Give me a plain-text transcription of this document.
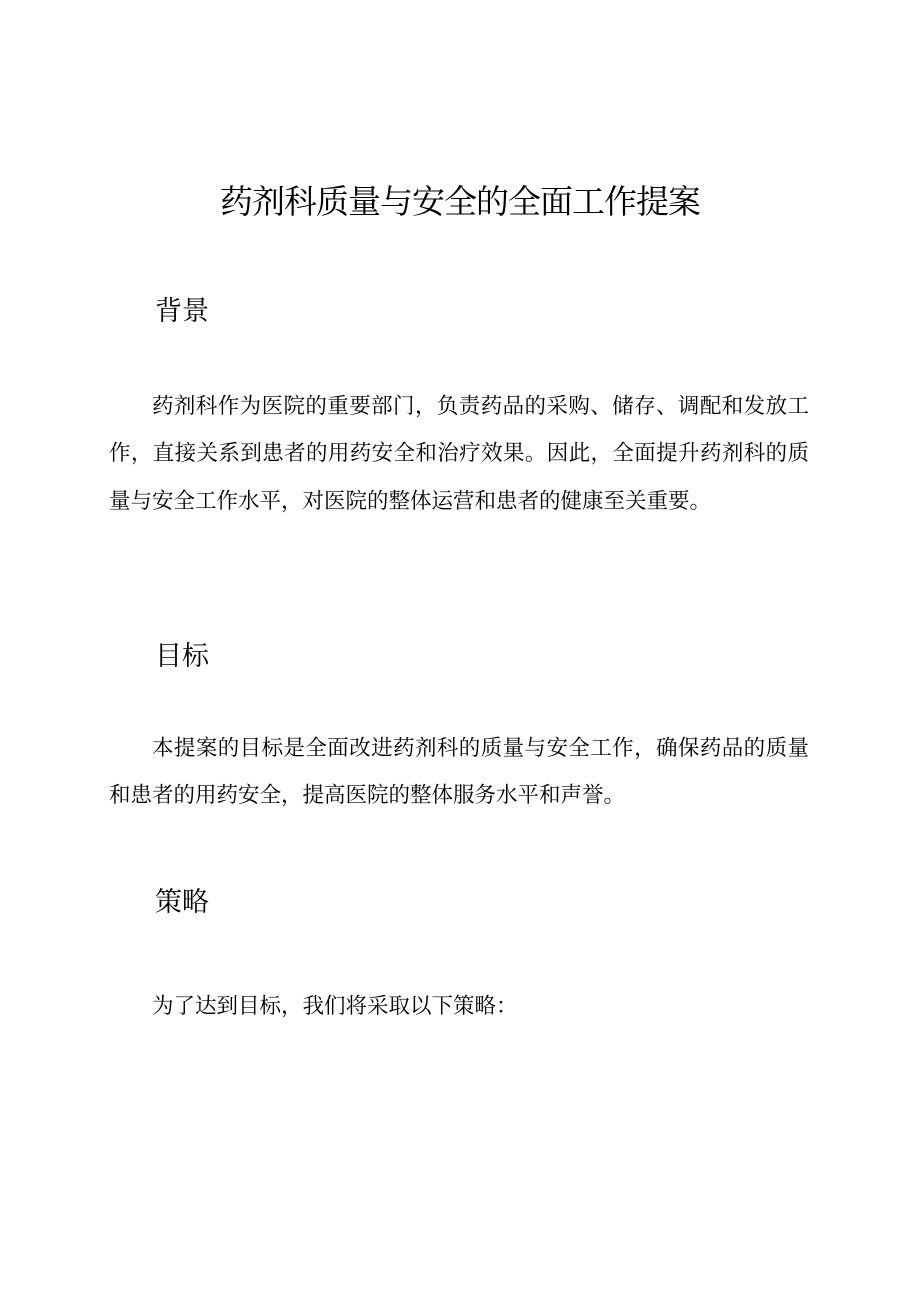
药剂科质量与安全的全面工作提案
背景

药剂科作为医院的重要部门，负责药品的采购、储存、调配和发放工作，直接关系到患者的用药安全和治疗效果。因此，全面提升药剂科的质量与安全工作水平，对医院的整体运营和患者的健康至关重要。

目标

本提案的目标是全面改进药剂科的质量与安全工作，确保药品的质量和患者的用药安全，提高医院的整体服务水平和声誉。

策略

为了达到目标，我们将采取以下策略：
